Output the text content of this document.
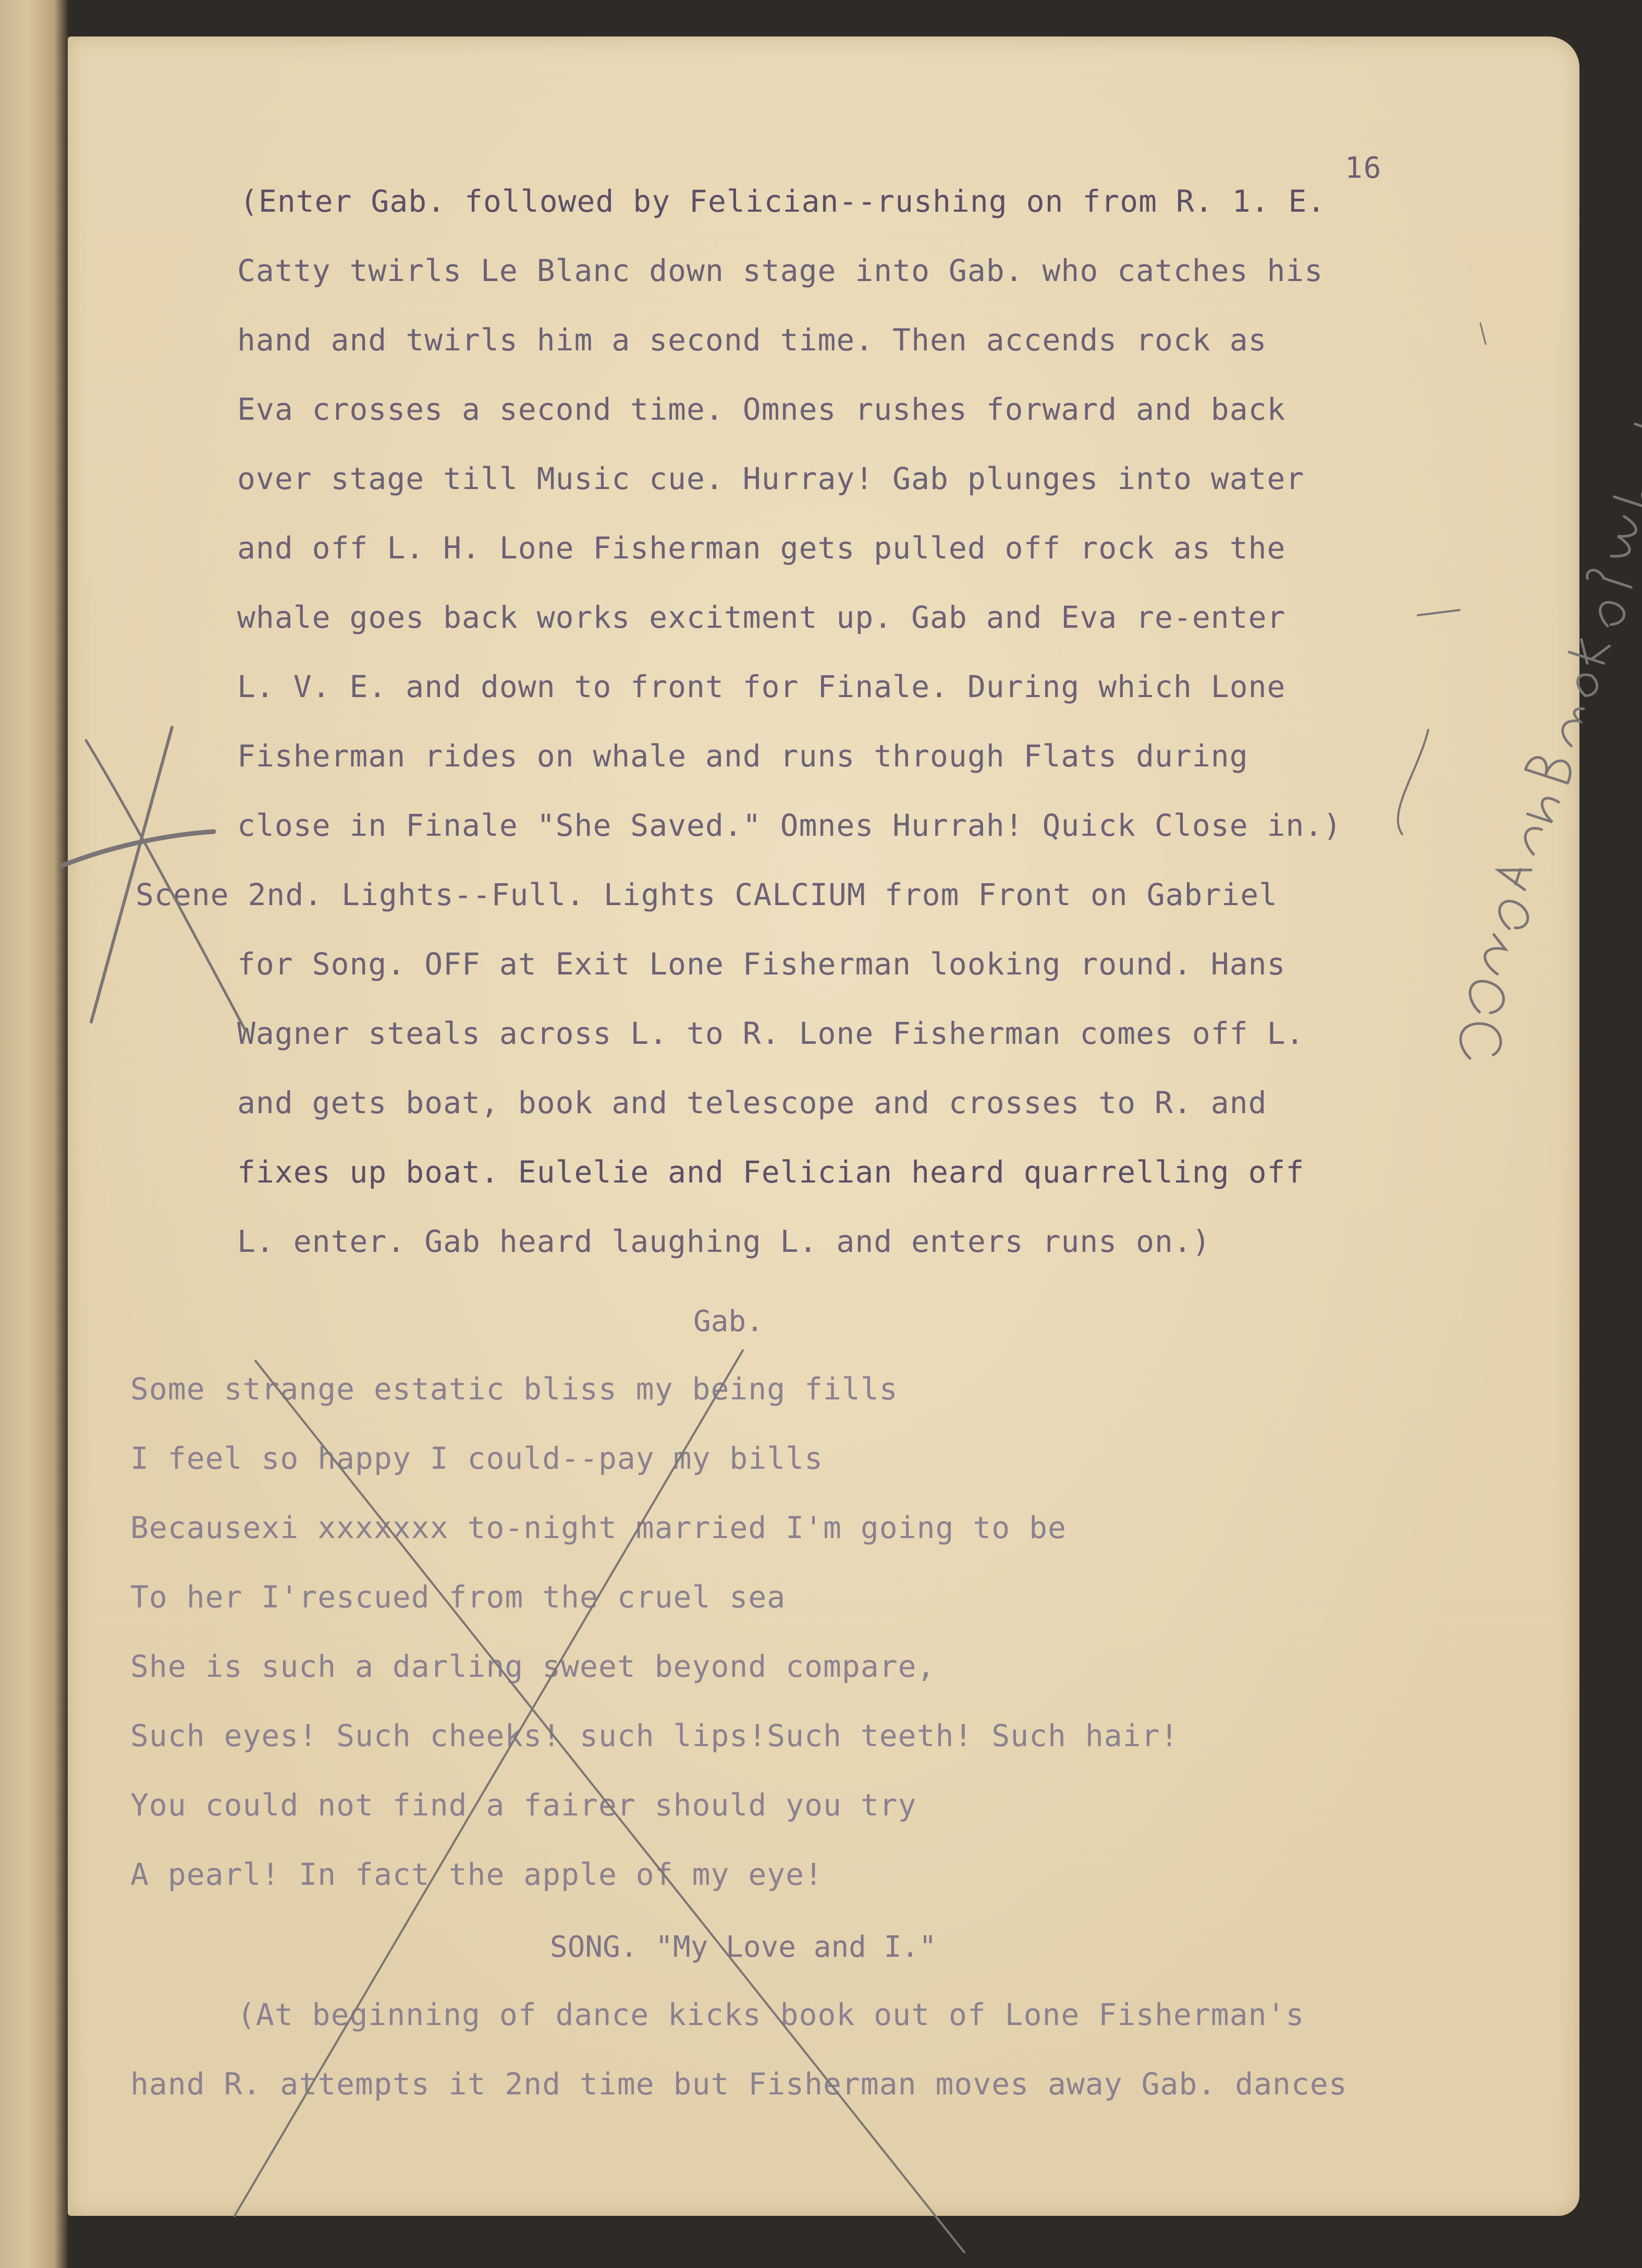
16
(Enter Gab. followed by Felician--rushing on from R. 1. E.
Catty twirls Le Blanc down stage into Gab. who catches his
hand and twirls him a second time. Then accends rock as
Eva crosses a second time. Omnes rushes forward and back
over stage till Music cue. Hurray! Gab plunges into water
and off L. H. Lone Fisherman gets pulled off rock as the
whale goes back works excitment up. Gab and Eva re-enter
L. V. E. and down to front for Finale. During which Lone
Fisherman rides on whale and runs through Flats during
close in Finale "She Saved." Omnes Hurrah! Quick Close in.)
Scene 2nd. Lights--Full. Lights CALCIUM from Front on Gabriel
for Song. OFF at Exit Lone Fisherman looking round. Hans
Wagner steals across L. to R. Lone Fisherman comes off L.
and gets boat, book and telescope and crosses to R. and
fixes up boat. Eulelie and Felician heard quarrelling off
L. enter. Gab heard laughing L. and enters runs on.)
Gab.
Some strange estatic bliss my being fills
I feel so happy I could--pay my bills
Becausexi xxxxxxx to-night married I'm going to be
To her I'rescued from the cruel sea
She is such a darling sweet beyond compare,
Such eyes! Such cheeks! such lips!Such teeth! Such hair!
You could not find a fairer should you try
A pearl! In fact the apple of my eye!
SONG. "My Love and I."
(At beginning of dance kicks book out of Lone Fisherman's
hand R. attempts it 2nd time but Fisherman moves away Gab. dances
